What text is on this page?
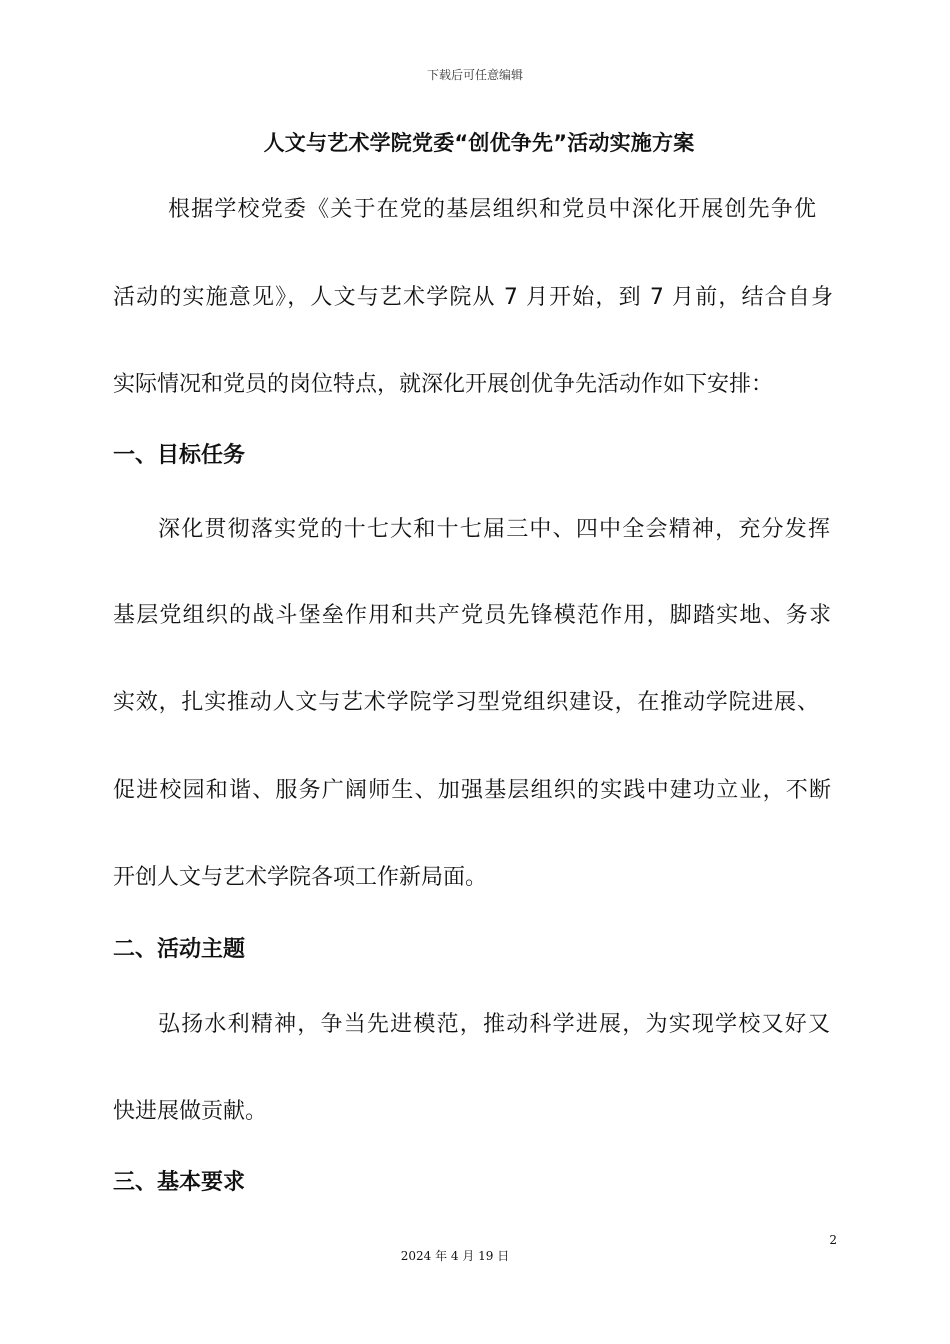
下载后可任意编辑
人文与艺术学院党委“创优争先”活动实施方案
根据学校党委《关于在党的基层组织和党员中深化开展创先争优
活动的实施意见》，人文与艺术学院从 7 月开始，到 7 月前，结合自身
实际情况和党员的岗位特点，就深化开展创优争先活动作如下安排：
一、目标任务
深化贯彻落实党的十七大和十七届三中、四中全会精神，充分发挥
基层党组织的战斗堡垒作用和共产党员先锋模范作用，脚踏实地、务求
实效，扎实推动人文与艺术学院学习型党组织建设，在推动学院进展、
促进校园和谐、服务广阔师生、加强基层组织的实践中建功立业，不断
开创人文与艺术学院各项工作新局面。
二、活动主题
弘扬水利精神，争当先进模范，推动科学进展，为实现学校又好又
快进展做贡献。
三、基本要求
2
2024 年 4 月 19 日
